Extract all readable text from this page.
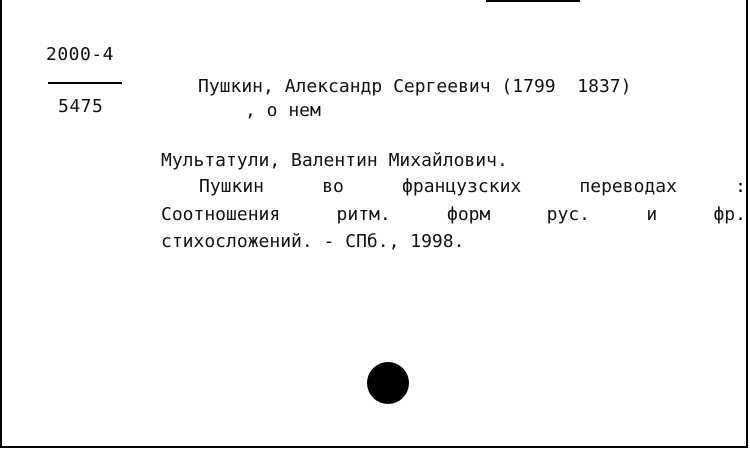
2000-4
5475
Пушкин, Александр Сергеевич (1799  1837)
, о нем
Мультатули, Валентин Михайлович.
Пушкин	во	французских	переводах	:
Соотношения	ритм.	форм	рус.	и	фр.
стихосложений. - СПб., 1998.
